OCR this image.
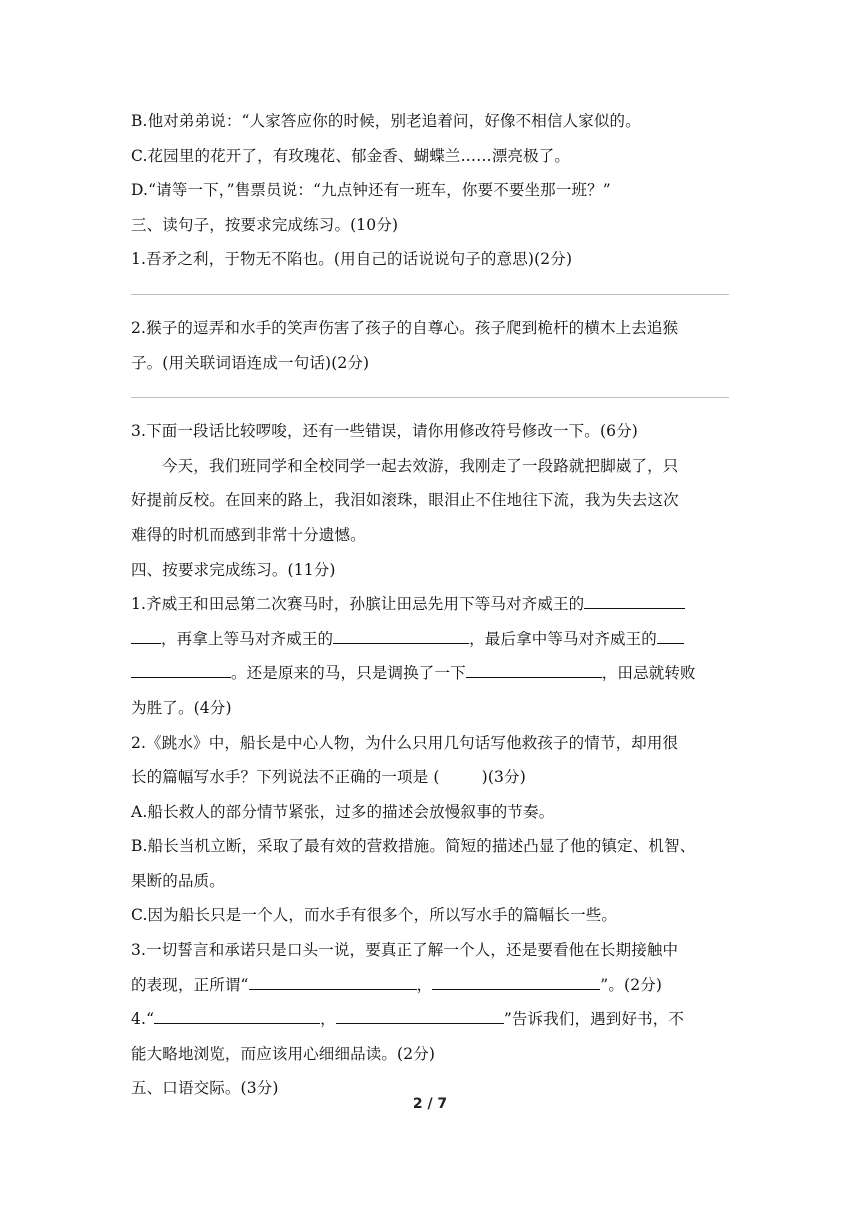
B.他对弟弟说：“人家答应你的时候，别老追着问，好像不相信人家似的。
C.花园里的花开了，有玫瑰花、郁金香、蝴蝶兰……漂亮极了。
D.“请等一下，”售票员说：“九点钟还有一班车，你要不要坐那一班？”
三、读句子，按要求完成练习。(10分)
1.吾矛之利，于物无不陷也。(用自己的话说说句子的意思)(2分)
2.猴子的逗弄和水手的笑声伤害了孩子的自尊心。孩子爬到桅杆的横木上去追猴
子。(用关联词语连成一句话)(2分)
3.下面一段话比较啰唆，还有一些错误，请你用修改符号修改一下。(6分)
今天，我们班同学和全校同学一起去效游，我刚走了一段路就把脚崴了，只
好提前反校。在回来的路上，我泪如滚珠，眼泪止不住地往下流，我为失去这次
难得的时机而感到非常十分遗憾。
四、按要求完成练习。(11分)
1.齐威王和田忌第二次赛马时，孙膑让田忌先用下等马对齐威王的
，再拿上等马对齐威王的	，最后拿中等马对齐威王的
。还是原来的马，只是调换了一下	，田忌就转败
为胜了。(4分)
2.《跳水》中，船长是中心人物，为什么只用几句话写他救孩子的情节，却用很
长的篇幅写水手？下列说法不正确的一项是 (	)(3分)
A.船长救人的部分情节紧张，过多的描述会放慢叙事的节奏。
B.船长当机立断，采取了最有效的营救措施。简短的描述凸显了他的镇定、机智、
果断的品质。
C.因为船长只是一个人，而水手有很多个，所以写水手的篇幅长一些。
3.一切誓言和承诺只是口头一说，要真正了解一个人，还是要看他在长期接触中
的表现，正所谓“	，	”。(2分)
4.“	，	”告诉我们，遇到好书，不
能大略地浏览，而应该用心细细品读。(2分)
五、口语交际。(3分)
2 / 7
